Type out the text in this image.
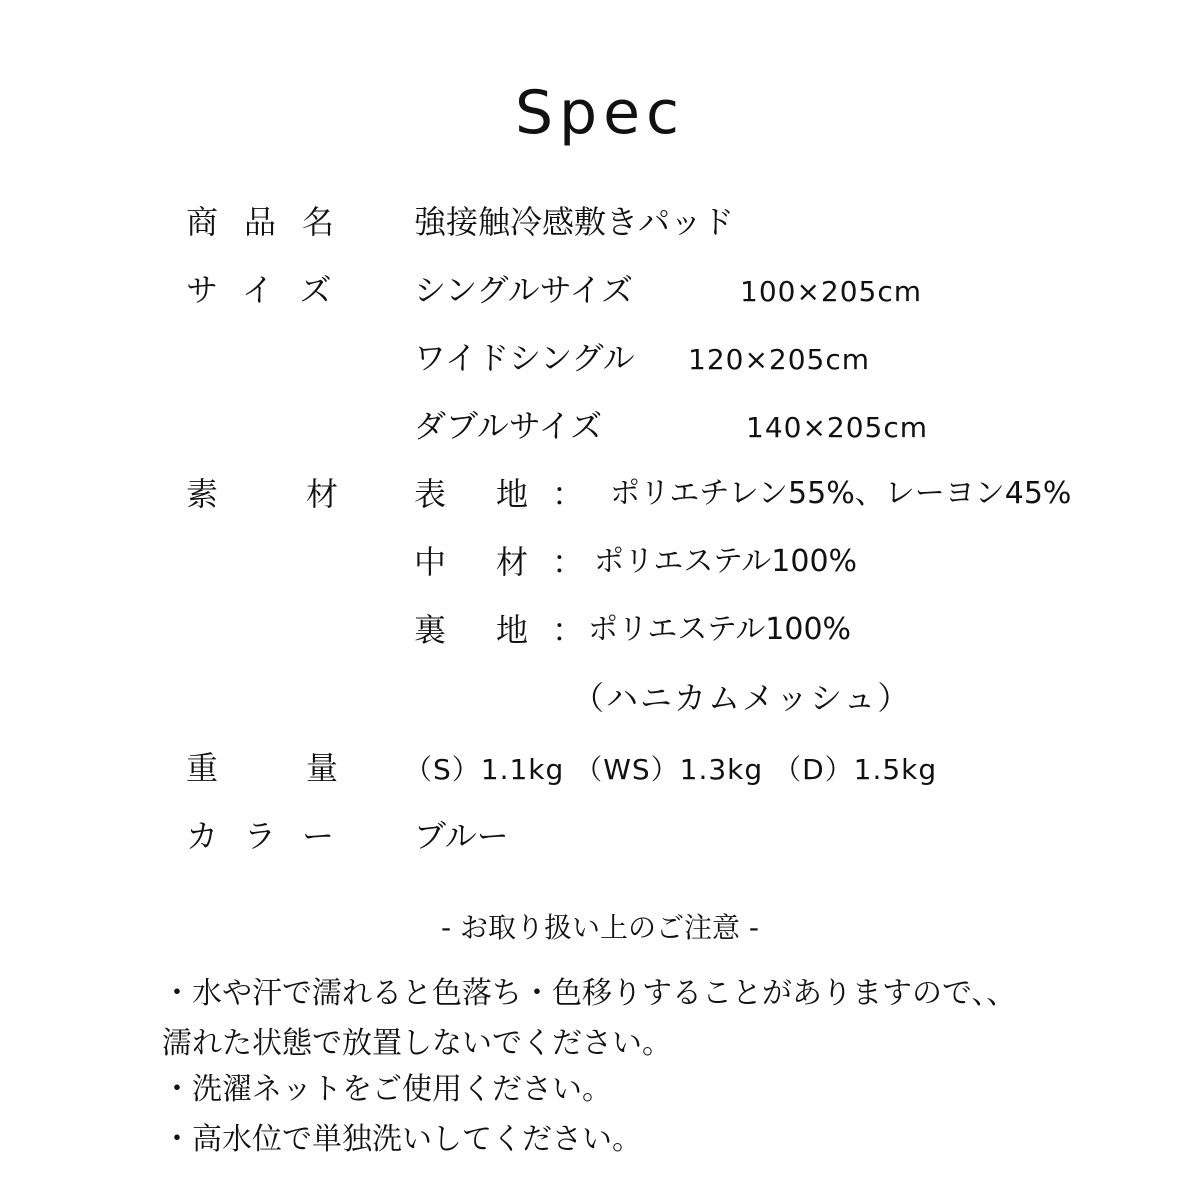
Spec
商品名 強接触冷感敷きパッド
サイズ シングルサイズ	100×205cm
ワイドシングル 120×205cm
ダブルサイズ	140×205cm
素	材 表 地 ： ポリエチレン55%、レーヨン45%
中 材 ： ポリエステル100%
裏 地 ： ポリエステル100%
（ハニカムメッシュ）
重	量 （S）1.1kg （WS）1.3kg （D）1.5kg
カラー ブルー
- お取り扱い上のご注意 -
・水や汗で濡れると色落ち・色移りすることがありますので、、
濡れた状態で放置しないでください。
・洗濯ネットをご使用ください。
・高水位で単独洗いしてください。
